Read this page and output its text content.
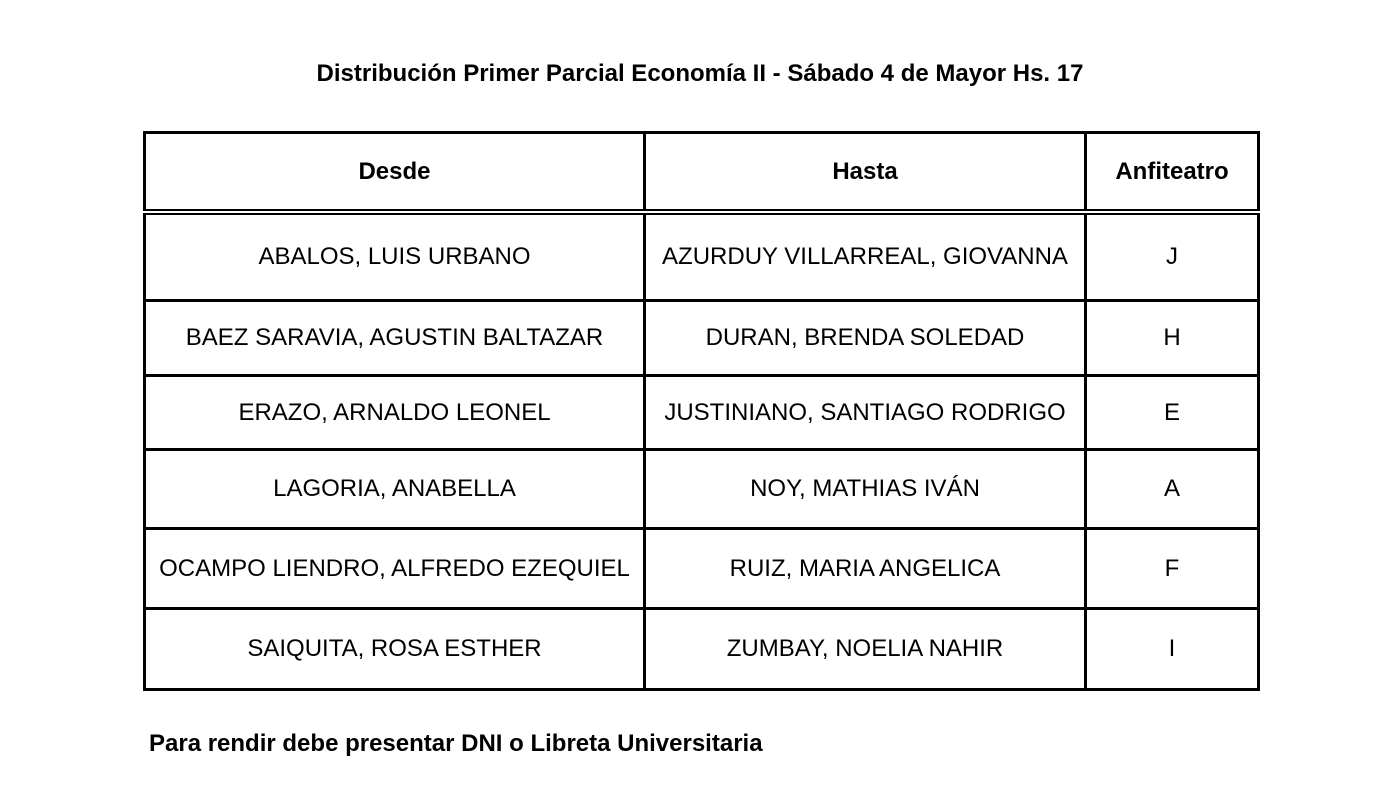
Distribución Primer Parcial Economía II - Sábado 4 de Mayor Hs. 17
Desde	Hasta	Anfiteatro
ABALOS, LUIS URBANO	AZURDUY VILLARREAL, GIOVANNA	J
BAEZ SARAVIA, AGUSTIN BALTAZAR	DURAN, BRENDA SOLEDAD	H
ERAZO, ARNALDO LEONEL	JUSTINIANO, SANTIAGO RODRIGO	E
LAGORIA, ANABELLA	NOY, MATHIAS IVÁN	A
OCAMPO LIENDRO, ALFREDO EZEQUIEL	RUIZ, MARIA ANGELICA	F
SAIQUITA, ROSA ESTHER	ZUMBAY, NOELIA NAHIR	I
Para rendir debe presentar DNI o Libreta Universitaria
